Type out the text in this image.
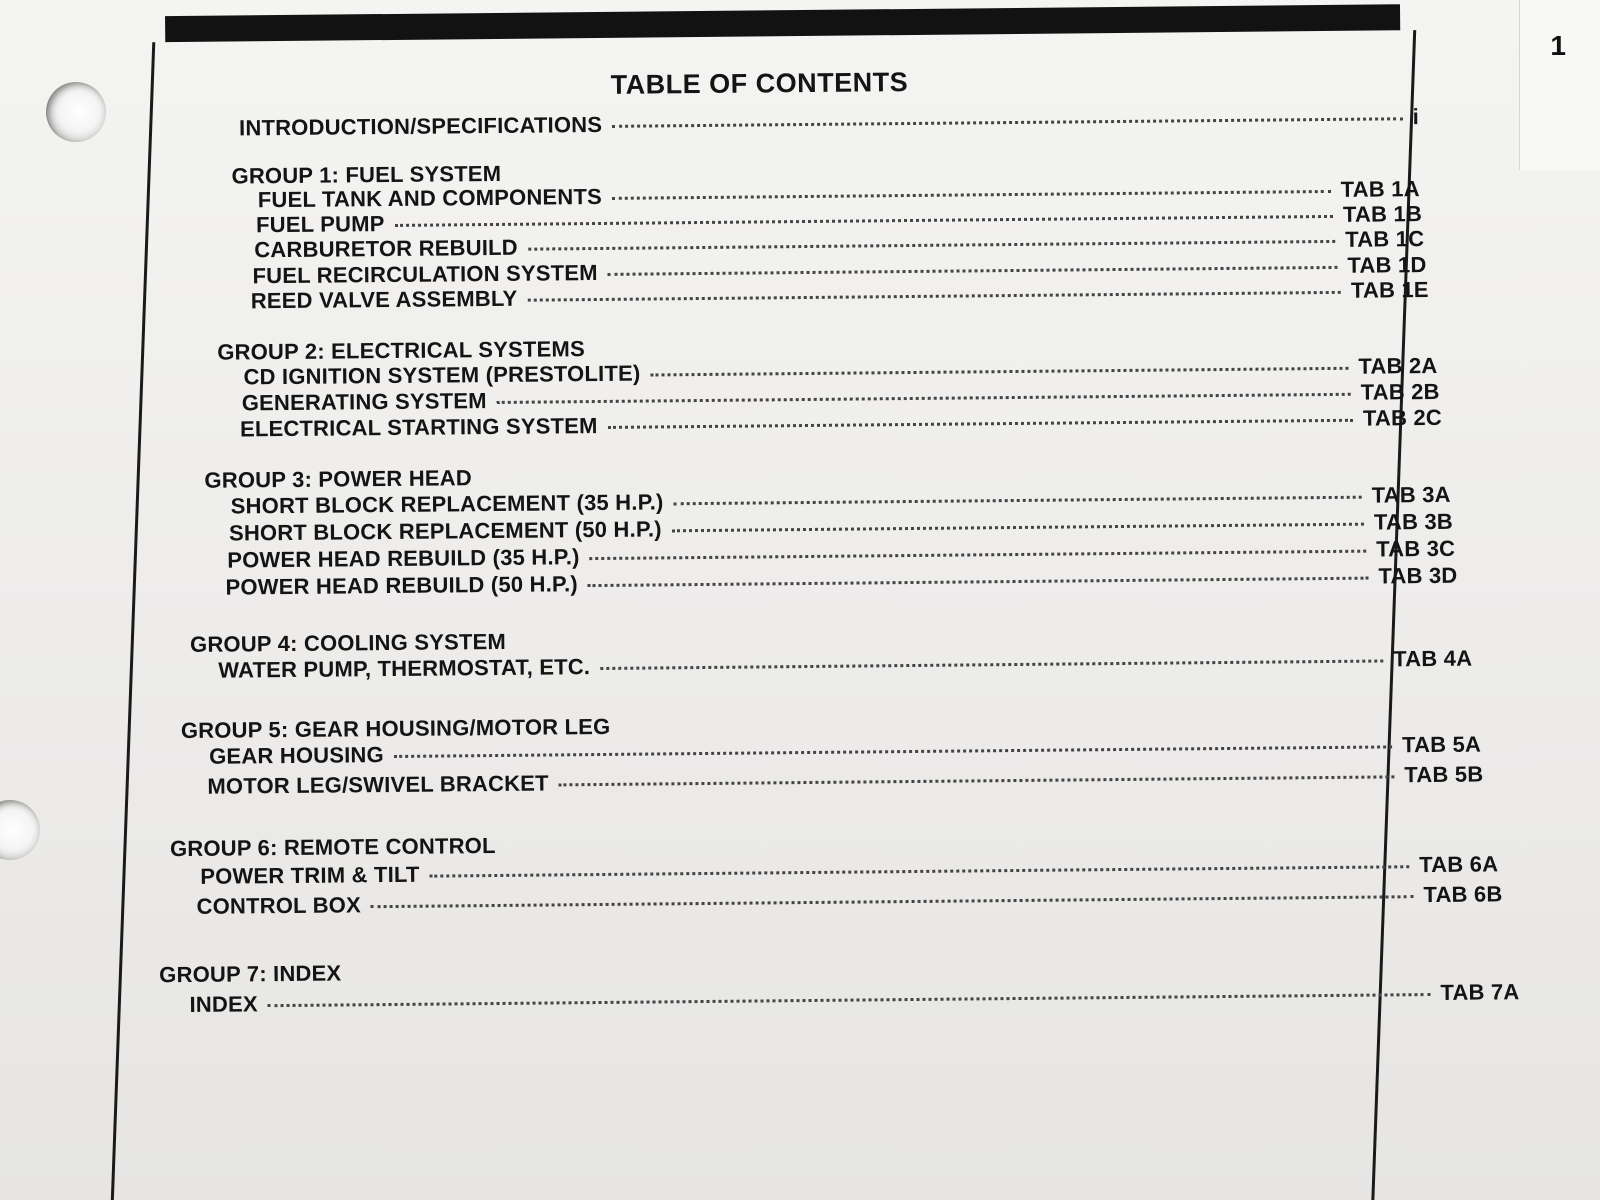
1
TABLE OF CONTENTS
INTRODUCTION/SPECIFICATIONS	i
GROUP 1: FUEL SYSTEM
FUEL TANK AND COMPONENTS	TAB 1A
FUEL PUMP	TAB 1B
CARBURETOR REBUILD	TAB 1C
FUEL RECIRCULATION SYSTEM	TAB 1D
REED VALVE ASSEMBLY	TAB 1E
GROUP 2: ELECTRICAL SYSTEMS
CD IGNITION SYSTEM (PRESTOLITE)	TAB 2A
GENERATING SYSTEM	TAB 2B
ELECTRICAL STARTING SYSTEM	TAB 2C
GROUP 3: POWER HEAD
SHORT BLOCK REPLACEMENT (35 H.P.)	TAB 3A
SHORT BLOCK REPLACEMENT (50 H.P.)	TAB 3B
POWER HEAD REBUILD (35 H.P.)	TAB 3C
POWER HEAD REBUILD (50 H.P.)	TAB 3D
GROUP 4: COOLING SYSTEM
WATER PUMP, THERMOSTAT, ETC.	TAB 4A
GROUP 5: GEAR HOUSING/MOTOR LEG
GEAR HOUSING	TAB 5A
MOTOR LEG/SWIVEL BRACKET	TAB 5B
GROUP 6: REMOTE CONTROL
POWER TRIM & TILT	TAB 6A
CONTROL BOX	TAB 6B
GROUP 7: INDEX
INDEX	TAB 7A
